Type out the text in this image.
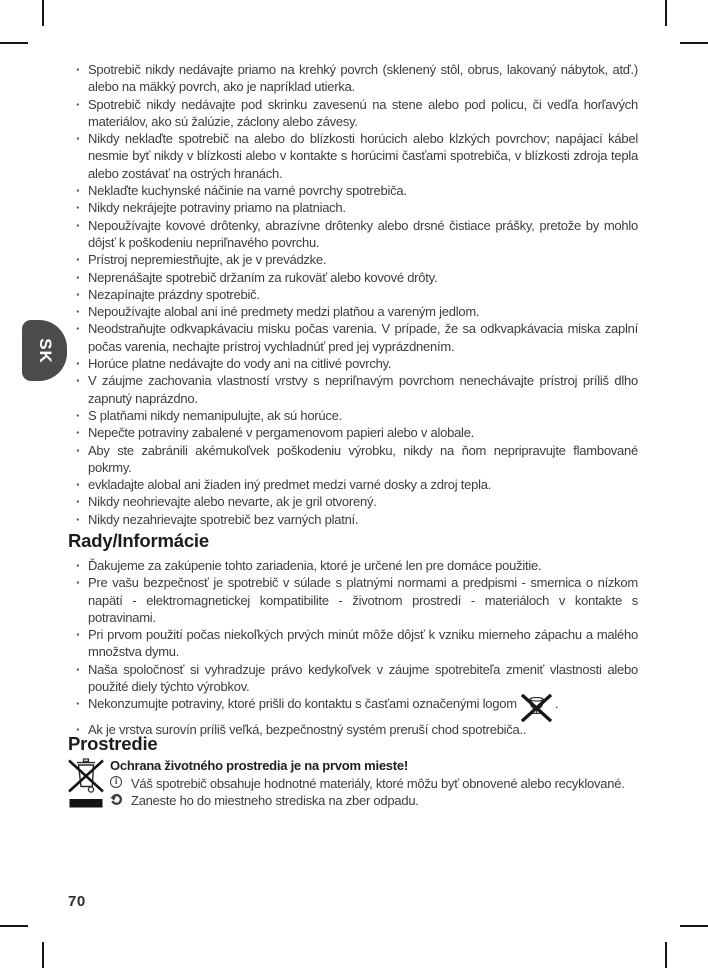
SK
· Spotrebič nikdy nedávajte priamo na krehký povrch (sklenený stôl, obrus, lakovaný nábytok, atď.) alebo na mäkký povrch, ako je napríklad utierka.
· Spotrebič nikdy nedávajte pod skrinku zavesenú na stene alebo pod policu, či vedľa horľavých materiálov, ako sú žalúzie, záclony alebo závesy.
· Nikdy neklaďte spotrebič na alebo do blízkosti horúcich alebo klzkých povrchov; napájací kábel nesmie byť nikdy v blízkosti alebo v kontakte s horúcimi časťami spotrebiča, v blízkosti zdroja tepla alebo zostávať na ostrých hranách.
· Neklaďte kuchynské náčinie na varné povrchy spotrebiča.
· Nikdy nekrájejte potraviny priamo na platniach.
· Nepoužívajte kovové drôtenky, abrazívne drôtenky alebo drsné čistiace prášky, pretože by mohlo dôjsť k poškodeniu nepriľnavého povrchu.
· Prístroj nepremiestňujte, ak je v prevádzke.
· Neprenášajte spotrebič držaním za rukoväť alebo kovové drôty.
· Nezapínajte prázdny spotrebič.
· Nepoužívajte alobal ani iné predmety medzi platňou a vareným jedlom.
· Neodstraňujte odkvapkávaciu misku počas varenia. V prípade, že sa odkvapkávacia miska zaplní počas varenia, nechajte prístroj vychladnúť pred jej vyprázdnením.
· Horúce platne nedávajte do vody ani na citlivé povrchy.
· V záujme zachovania vlastností vrstvy s nepriľnavým povrchom nenechávajte prístroj príliš dlho zapnutý naprázdno.
· S platňami nikdy nemanipulujte, ak sú horúce.
· Nepečte potraviny zabalené v pergamenovom papieri alebo v alobale.
· Aby ste zabránili akémukoľvek poškodeniu výrobku, nikdy na ňom nepripravujte flambované pokrmy.
· evkladajte alobal ani žiaden iný predmet medzi varné dosky a zdroj tepla.
· Nikdy neohrievajte alebo nevarte, ak je gril otvorený.
· Nikdy nezahrievajte spotrebič bez varných platní.
Rady/Informácie
· Ďakujeme za zakúpenie tohto zariadenia, ktoré je určené len pre domáce použitie.
· Pre vašu bezpečnosť je spotrebič v súlade s platnými normami a predpismi - smernica o nízkom napätí - elektromagnetickej kompatibilite - životnom prostredí - materiáloch v kontakte s potravinami.
· Pri prvom použití počas niekoľkých prvých minút môže dôjsť k vzniku mierneho zápachu a malého množstva dymu.
· Naša spoločnosť si vyhradzuje právo kedykoľvek v záujme spotrebiteľa zmeniť vlastnosti alebo použité diely týchto výrobkov.
· Nekonzumujte potraviny, ktoré prišli do kontaktu s časťami označenými logom	.
· Ak je vrstva surovín príliš veľká, bezpečnostný systém preruší chod spotrebiča..
Prostredie
Ochrana životného prostredia je na prvom mieste!
i Váš spotrebič obsahuje hodnotné materiály, ktoré môžu byť obnovené alebo recyklované.
Zaneste ho do miestneho strediska na zber odpadu.
70
